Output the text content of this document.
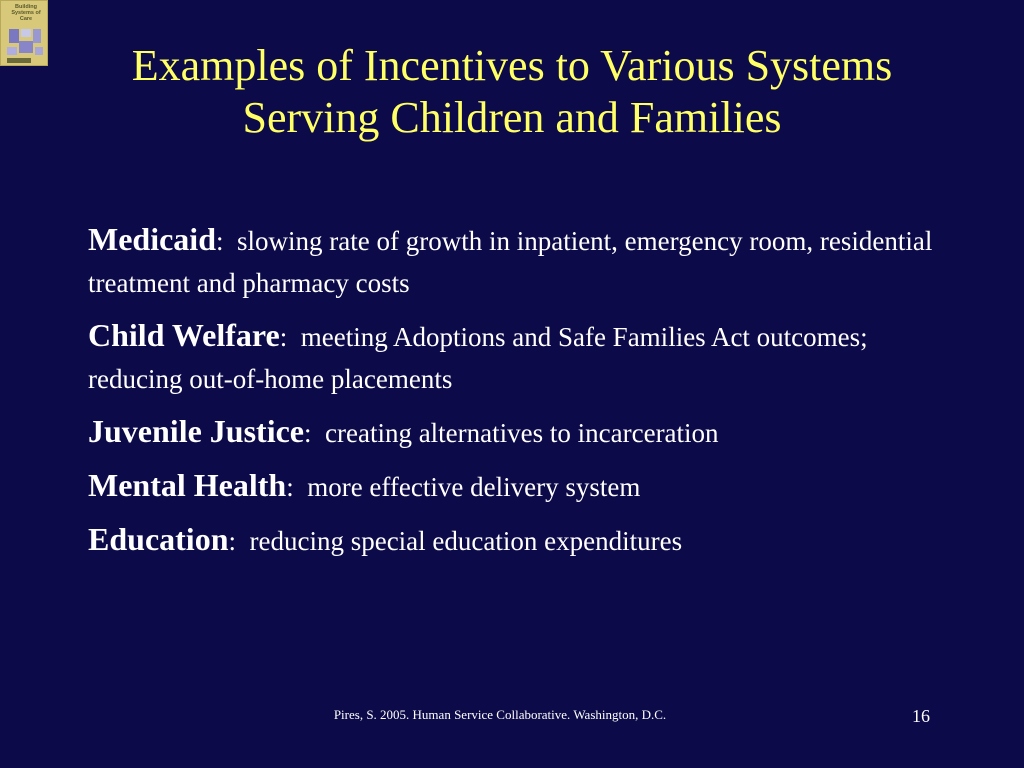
Building Systems of Care
Examples of Incentives to Various Systems
Serving Children and Families

Medicaid: slowing rate of growth in inpatient, emergency room, residential treatment and pharmacy costs

Child Welfare: meeting Adoptions and Safe Families Act outcomes; reducing out-of-home placements

Juvenile Justice: creating alternatives to incarceration

Mental Health: more effective delivery system

Education: reducing special education expenditures

Pires, S. 2005. Human Service Collaborative. Washington, D.C.	16
